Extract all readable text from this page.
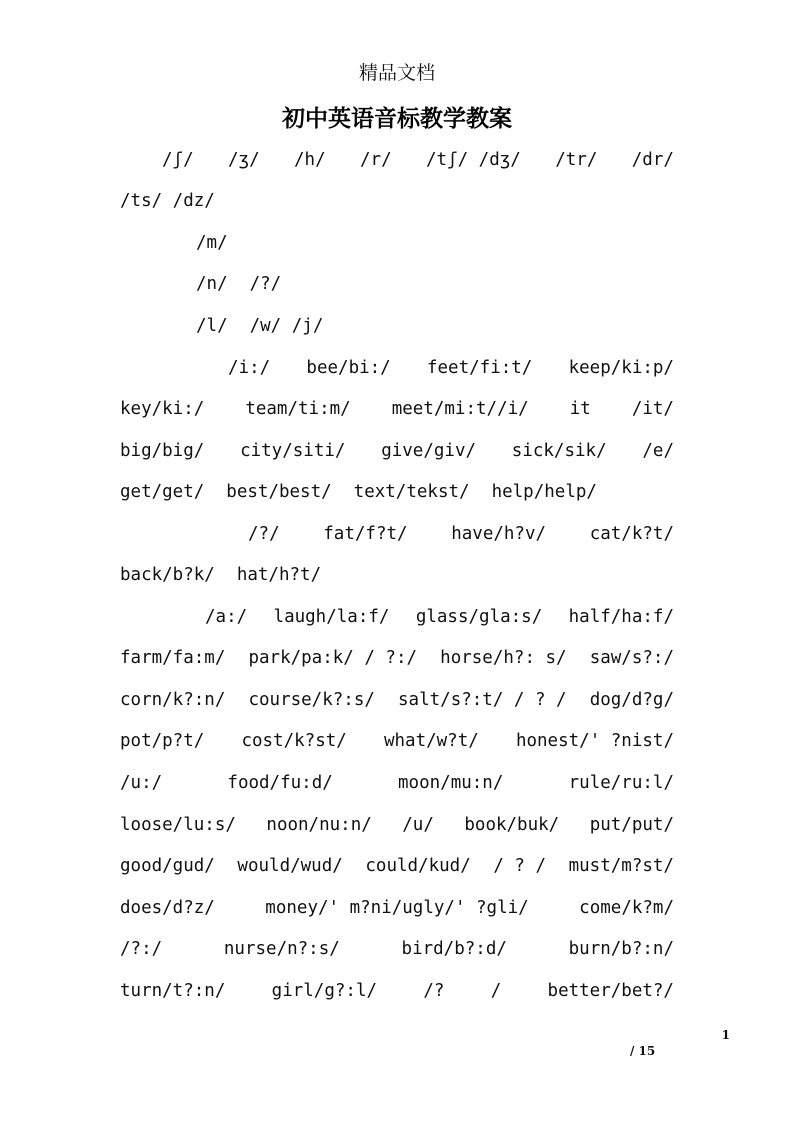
精品文档
初中英语音标教学教案
/ʃ/ /ʒ/ /h/ /r/ /tʃ/ /dʒ/ /tr/ /dr/
/ts/ /dz/
/m/
/n/ /?/
/l/ /w/ /j/
/i:/ bee/bi:/ feet/fi:t/ keep/ki:p/
key/ki:/ team/ti:m/ meet/mi:t//i/ it /it/
big/big/ city/siti/ give/giv/ sick/sik/ /e/
get/get/ best/best/ text/tekst/ help/help/
/?/ fat/f?t/ have/h?v/ cat/k?t/
back/b?k/ hat/h?t/
/a:/ laugh/la:f/ glass/gla:s/ half/ha:f/
farm/fa:m/ park/pa:k/ / ?:/ horse/h?: s/ saw/s?:/
corn/k?:n/ course/k?:s/ salt/s?:t/ / ? / dog/d?g/
pot/p?t/ cost/k?st/ what/w?t/ honest/' ?nist/
/u:/	food/fu:d/	moon/mu:n/	rule/ru:l/
loose/lu:s/ noon/nu:n/ /u/ book/buk/ put/put/
good/gud/ would/wud/ could/kud/ / ? / must/m?st/
does/d?z/	money/' m?ni/ugly/' ?gli/	come/k?m/
/?:/	nurse/n?:s/	bird/b?:d/	burn/b?:n/
turn/t?:n/	girl/g?:l/	/?	/	better/bet?/
1
/ 15
